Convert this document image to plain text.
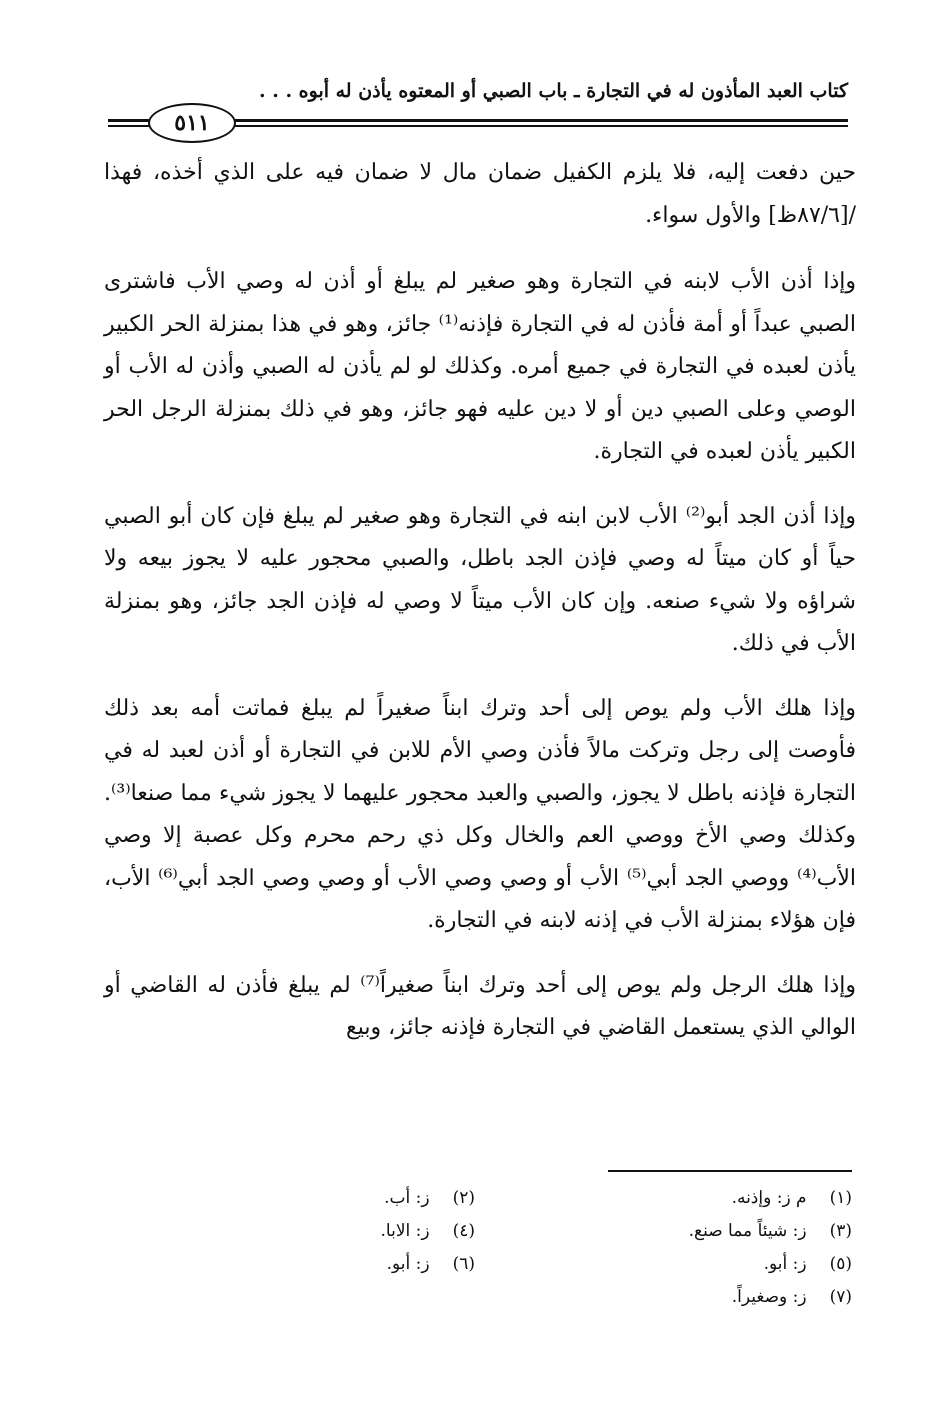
كتاب العبد المأذون له في التجارة ـ باب الصبي أو المعتوه يأذن له أبوه . . .
٥١١

حين دفعت إليه، فلا يلزم الكفيل ضمان مال لا ضمان فيه على الذي أخذه، فهذا /[٨٧/٦ظ] والأول سواء.

وإذا أذن الأب لابنه في التجارة وهو صغير لم يبلغ أو أذن له وصي الأب فاشترى الصبي عبداً أو أمة فأذن له في التجارة فإذنه⁽¹⁾ جائز، وهو في هذا بمنزلة الحر الكبير يأذن لعبده في التجارة في جميع أمره. وكذلك لو لم يأذن له الصبي وأذن له الأب أو الوصي وعلى الصبي دين أو لا دين عليه فهو جائز، وهو في ذلك بمنزلة الرجل الحر الكبير يأذن لعبده في التجارة.

وإذا أذن الجد أبو⁽²⁾ الأب لابن ابنه في التجارة وهو صغير لم يبلغ فإن كان أبو الصبي حياً أو كان ميتاً له وصي فإذن الجد باطل، والصبي محجور عليه لا يجوز بيعه ولا شراؤه ولا شيء صنعه. وإن كان الأب ميتاً لا وصي له فإذن الجد جائز، وهو بمنزلة الأب في ذلك.

وإذا هلك الأب ولم يوص إلى أحد وترك ابناً صغيراً لم يبلغ فماتت أمه بعد ذلك فأوصت إلى رجل وتركت مالاً فأذن وصي الأم للابن في التجارة أو أذن لعبد له في التجارة فإذنه باطل لا يجوز، والصبي والعبد محجور عليهما لا يجوز شيء مما صنعا⁽³⁾. وكذلك وصي الأخ ووصي العم والخال وكل ذي رحم محرم وكل عصبة إلا وصي الأب⁽⁴⁾ ووصي الجد أبي⁽⁵⁾ الأب أو وصي وصي الأب أو وصي وصي الجد أبي⁽⁶⁾ الأب، فإن هؤلاء بمنزلة الأب في إذنه لابنه في التجارة.

وإذا هلك الرجل ولم يوص إلى أحد وترك ابناً صغيراً⁽⁷⁾ لم يبلغ فأذن له القاضي أو الوالي الذي يستعمل القاضي في التجارة فإذنه جائز، وبيع

(١) م ز: وإذنه.
(٢) ز: أب.
(٣) ز: شيئاً مما صنع.
(٤) ز: الابا.
(٥) ز: أبو.
(٦) ز: أبو.
(٧) ز: وصغيراً.
